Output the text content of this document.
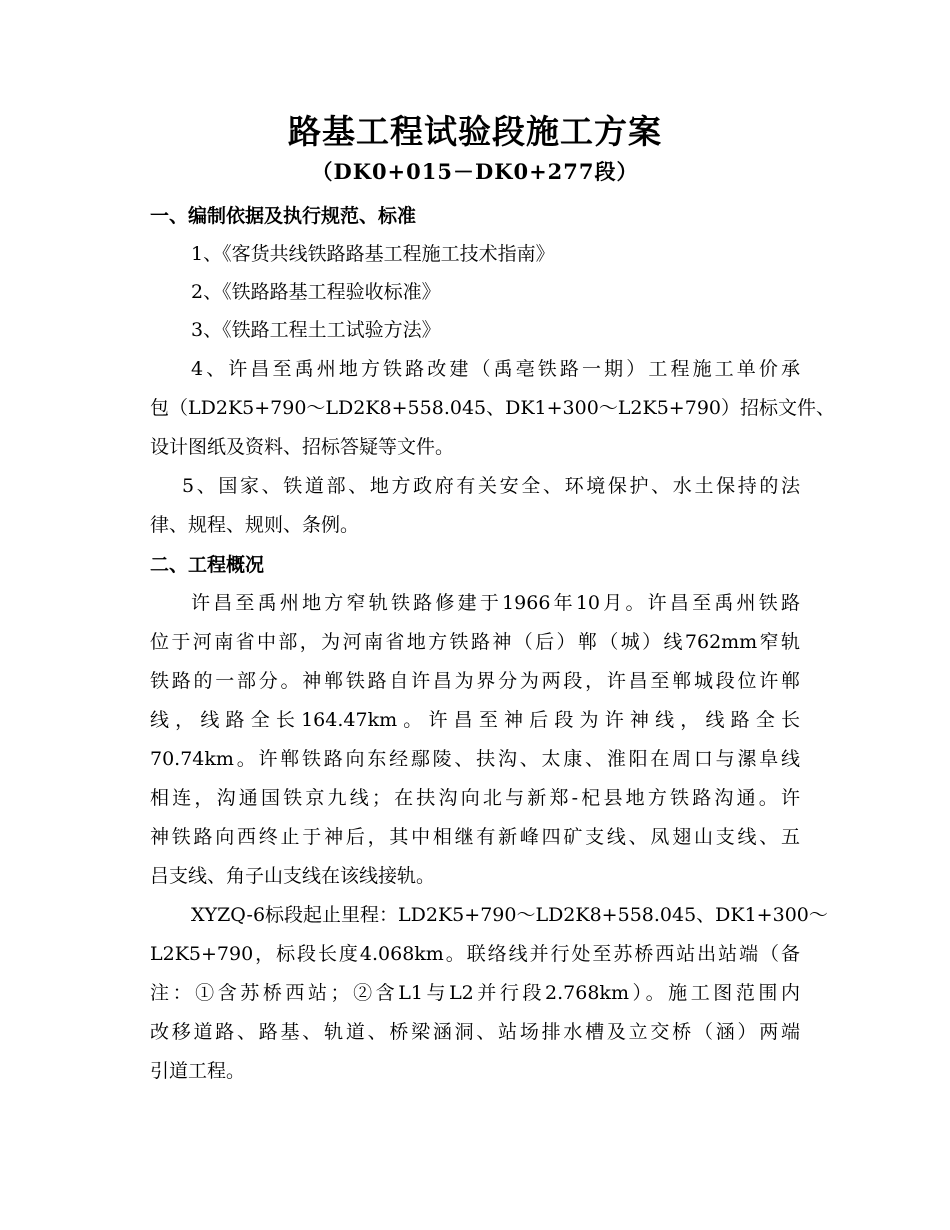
路基工程试验段施工方案
（DK0+015－DK0+277段）
一、编制依据及执行规范、标准
1、《客货共线铁路路基工程施工技术指南》
2、《铁路路基工程验收标准》
3、《铁路工程土工试验方法》
4、许昌至禹州地方铁路改建（禹亳铁路一期）工程施工单价承
包（LD2K5+790～LD2K8+558.045、DK1+300～L2K5+790）招标文件、
设计图纸及资料、招标答疑等文件。
5、国家、铁道部、地方政府有关安全、环境保护、水土保持的法
律、规程、规则、条例。
二、工程概况
许昌至禹州地方窄轨铁路修建于1966年10月。许昌至禹州铁路
位于河南省中部，为河南省地方铁路神（后）郸（城）线762mm窄轨
铁路的一部分。神郸铁路自许昌为界分为两段，许昌至郸城段位许郸
线，线路全长164.47km。许昌至神后段为许神线，线路全长
70.74km。许郸铁路向东经鄢陵、扶沟、太康、淮阳在周口与漯阜线
相连，沟通国铁京九线；在扶沟向北与新郑-杞县地方铁路沟通。许
神铁路向西终止于神后，其中相继有新峰四矿支线、凤翅山支线、五
吕支线、角子山支线在该线接轨。
XYZQ-6标段起止里程：LD2K5+790～LD2K8+558.045、DK1+300～
L2K5+790，标段长度4.068km。联络线并行处至苏桥西站出站端（备
注：①含苏桥西站；②含L1与L2并行段2.768km）。施工图范围内
改移道路、路基、轨道、桥梁涵洞、站场排水槽及立交桥（涵）两端
引道工程。
